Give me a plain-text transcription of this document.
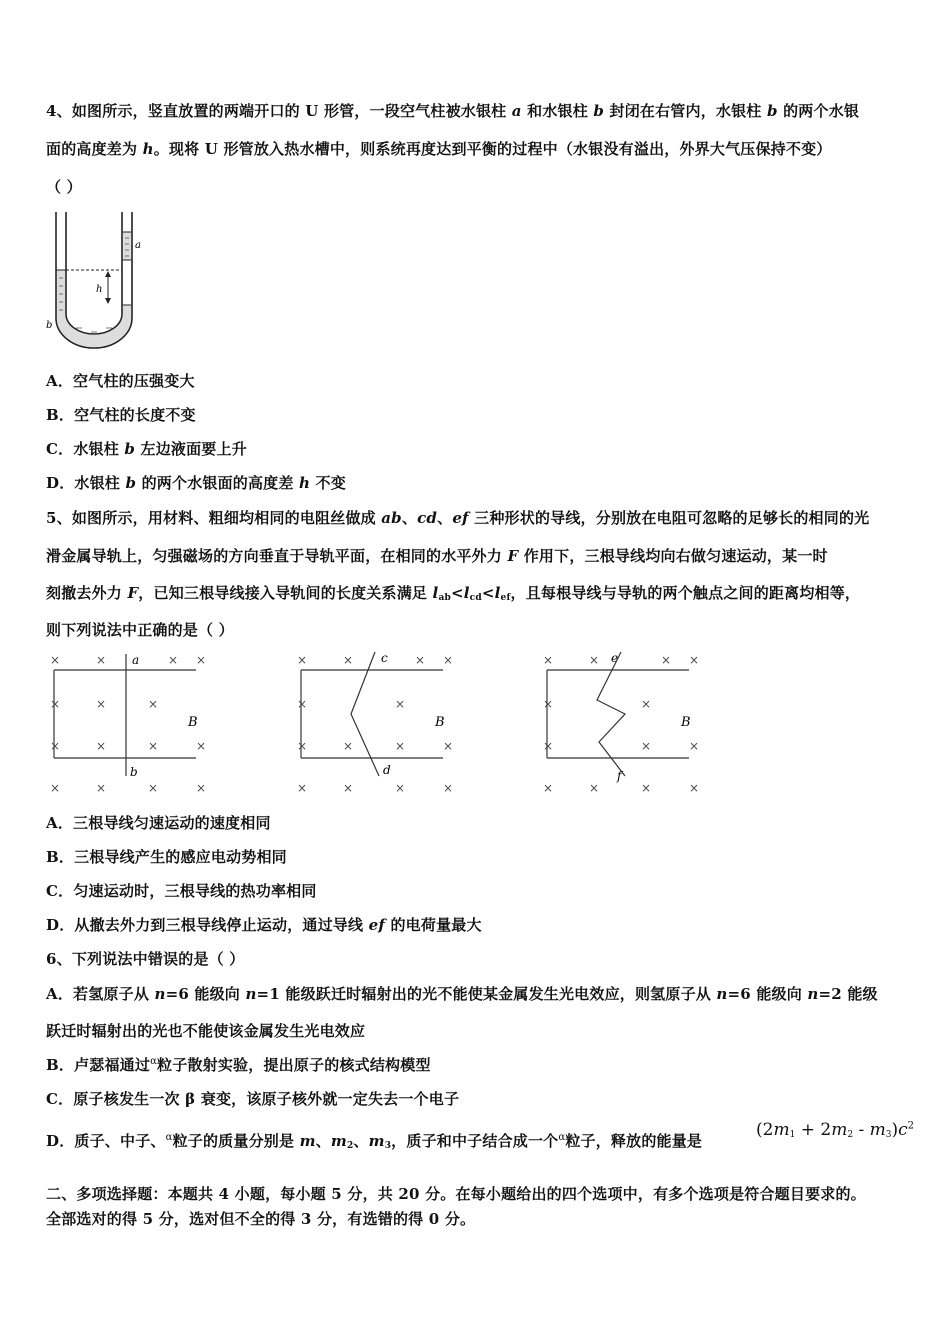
4、如图所示，竖直放置的两端开口的 U 形管，一段空气柱被水银柱 a 和水银柱 b 封闭在右管内，水银柱 b 的两个水银
面的高度差为 h。现将 U 形管放入热水槽中，则系统再度达到平衡的过程中（水银没有溢出，外界大气压保持不变）
（ ）
h
a
b
A．空气柱的压强变大
B．空气柱的长度不变
C．水银柱 b 左边液面要上升
D．水银柱 b 的两个水银面的高度差 h 不变
5、如图所示，用材料、粗细均相同的电阻丝做成 ab、cd、ef 三种形状的导线，分别放在电阻可忽略的足够长的相同的光
滑金属导轨上，匀强磁场的方向垂直于导轨平面，在相同的水平外力 F 作用下，三根导线均向右做匀速运动，某一时
刻撤去外力 F，已知三根导线接入导轨间的长度关系满足 $l_{ab}<l_{cd}<l_{ef}$，且每根导线与导轨的两个触点之间的距离均相等，
则下列说法中正确的是（ ）
×	×	× ×
×	×	×
×	×	×	×
×	×	×	×
a
b
B
×	×	× ×
×	×
×	×	×	×
×	×	×	×
c
d
B
×	×	× ×
×	×
×	×	×
×	×	×	×
e
f
B
A．三根导线匀速运动的速度相同
B．三根导线产生的感应电动势相同
C．匀速运动时，三根导线的热功率相同
D．从撤去外力到三根导线停止运动，通过导线 ef 的电荷量最大
6、下列说法中错误的是（ ）
A．若氢原子从 n=6 能级向 n=1 能级跃迁时辐射出的光不能使某金属发生光电效应，则氢原子从 n=6 能级向 n=2 能级
跃迁时辐射出的光也不能使该金属发生光电效应
B．卢瑟福通过$^\alpha$粒子散射实验，提出原子的核式结构模型
C．原子核发生一次 β 衰变，该原子核外就一定失去一个电子
D．质子、中子、$^\alpha$粒子的质量分别是 m、$m_2$、$m_3$，质子和中子结合成一个$^\alpha$粒子，释放的能量是
$(2m_1 + 2m_2 - m_3)c^2$
二、多项选择题：本题共 4 小题，每小题 5 分，共 20 分。在每小题给出的四个选项中，有多个选项是符合题目要求的。
全部选对的得 5 分，选对但不全的得 3 分，有选错的得 0 分。
